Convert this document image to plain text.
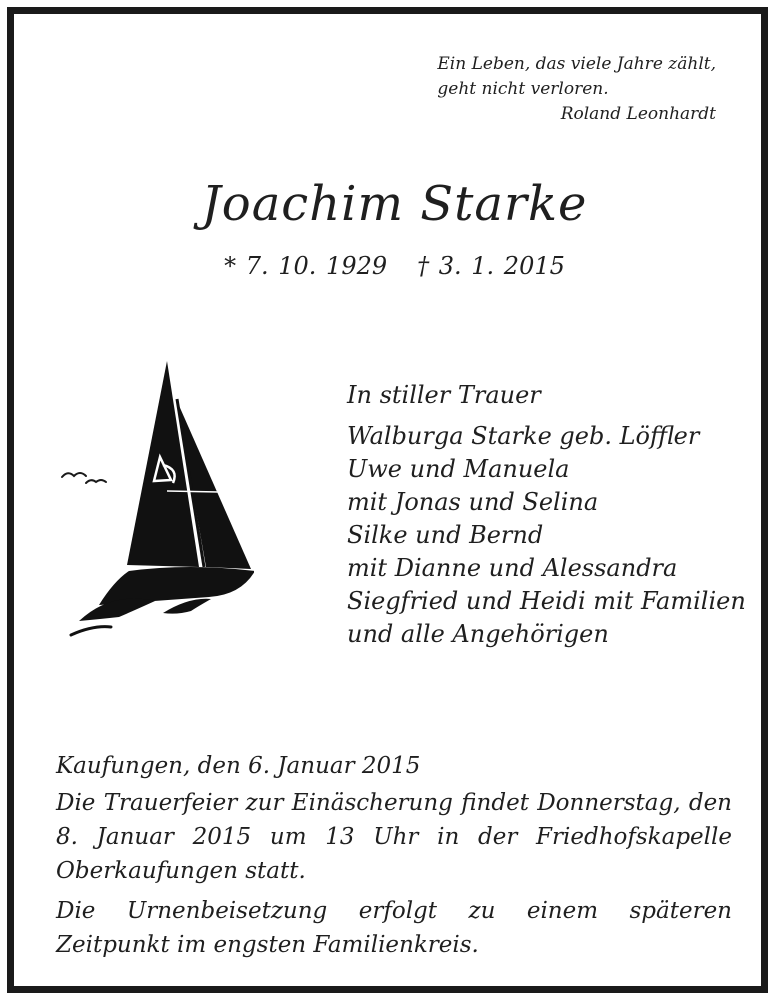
Ein Leben, das viele Jahre zählt,
geht nicht verloren.
Roland Leonhardt
Joachim Starke
* 7. 10. 1929 † 3. 1. 2015
In stiller Trauer
Walburga Starke geb. Löffler
Uwe und Manuela
mit Jonas und Selina
Silke und Bernd
mit Dianne und Alessandra
Siegfried und Heidi mit Familien
und alle Angehörigen
Kaufungen, den 6. Januar 2015

Die Trauerfeier zur Einäscherung findet Donnerstag, den 8. Januar 2015 um 13 Uhr in der Friedhofskapelle Oberkaufungen statt.

Die Urnenbeisetzung erfolgt zu einem späteren Zeitpunkt im engsten Familienkreis.
